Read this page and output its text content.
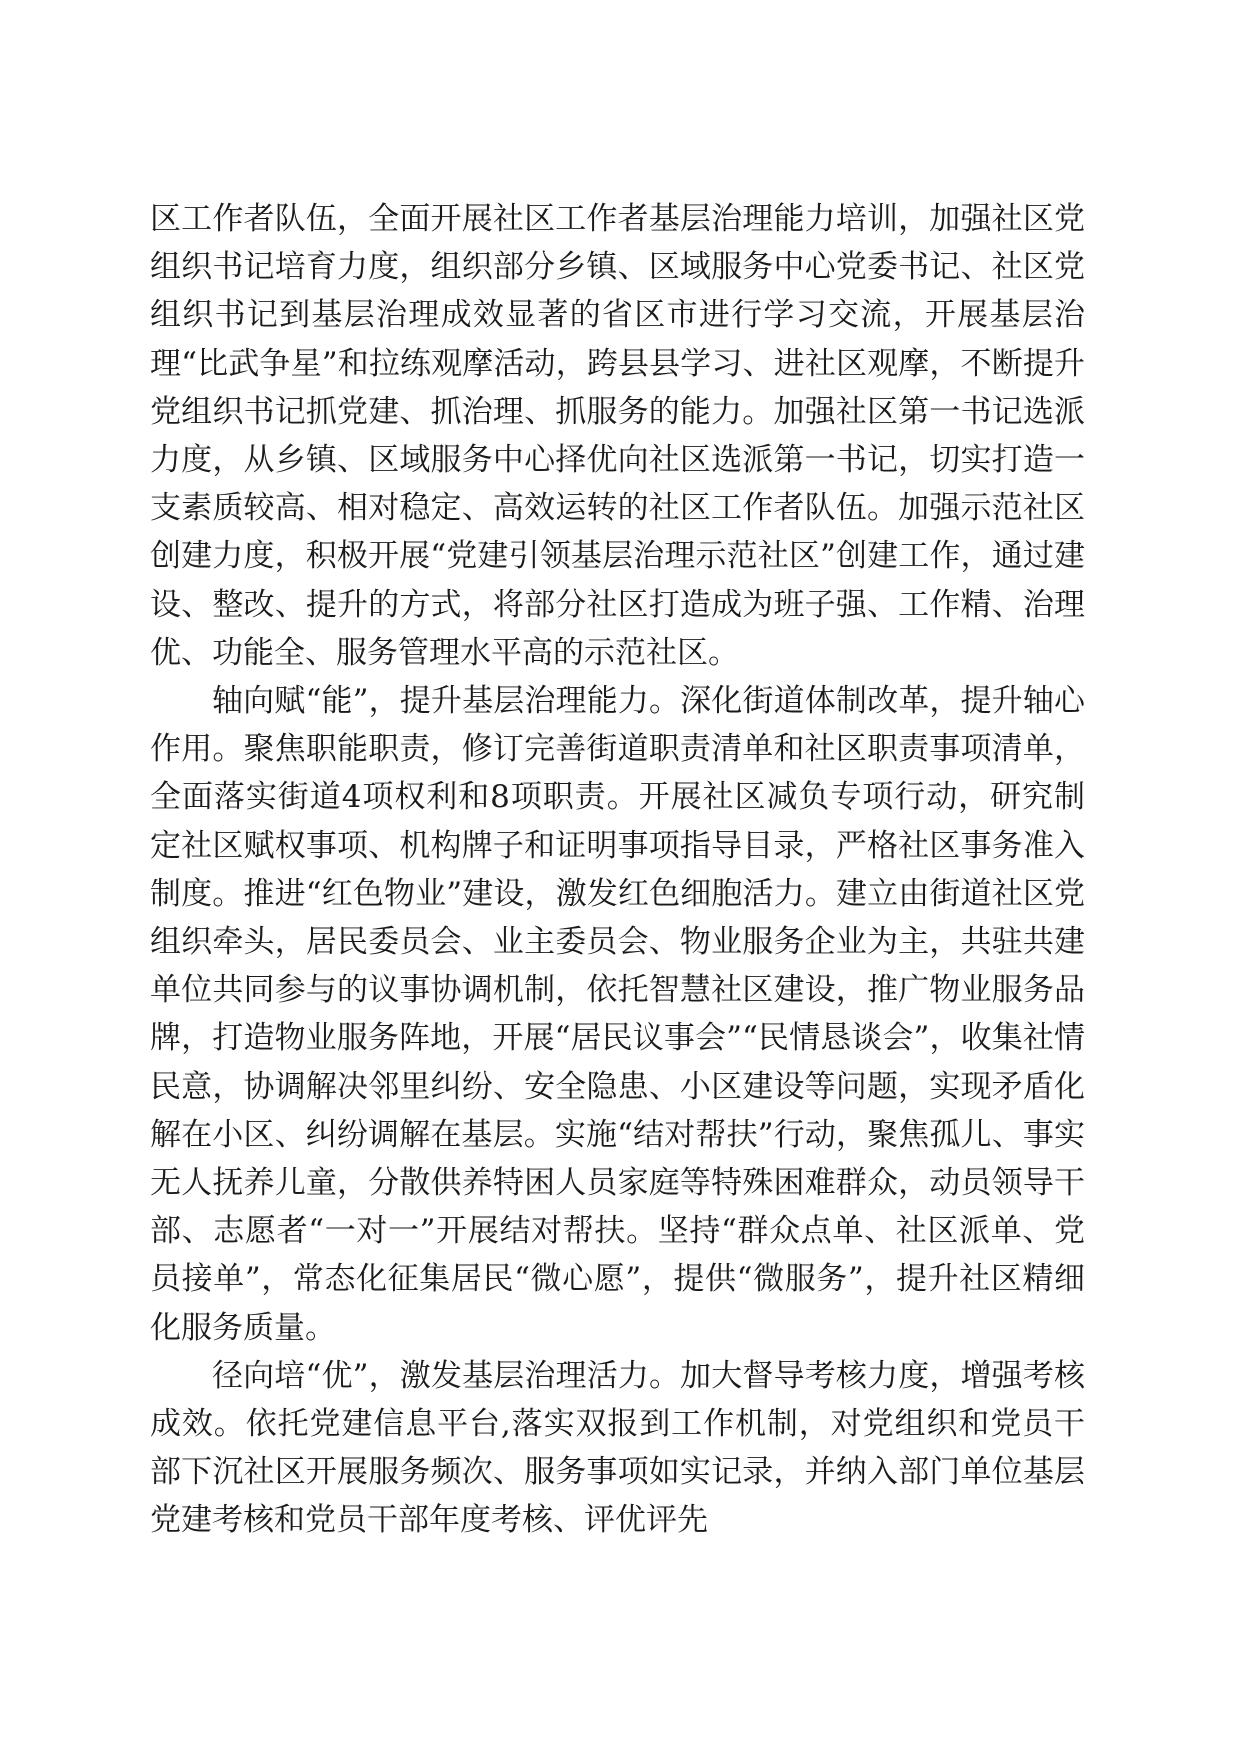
区工作者队伍，全面开展社区工作者基层治理能力培训，加强社区党组织书记培育力度，组织部分乡镇、区域服务中心党委书记、社区党组织书记到基层治理成效显著的省区市进行学习交流，开展基层治理“比武争星”和拉练观摩活动，跨县县学习、进社区观摩，不断提升党组织书记抓党建、抓治理、抓服务的能力。加强社区第一书记选派力度，从乡镇、区域服务中心择优向社区选派第一书记，切实打造一支素质较高、相对稳定、高效运转的社区工作者队伍。加强示范社区创建力度，积极开展“党建引领基层治理示范社区”创建工作，通过建设、整改、提升的方式，将部分社区打造成为班子强、工作精、治理优、功能全、服务管理水平高的示范社区。

轴向赋“能”，提升基层治理能力。深化街道体制改革，提升轴心作用。聚焦职能职责，修订完善街道职责清单和社区职责事项清单，全面落实街道4项权利和8项职责。开展社区减负专项行动，研究制定社区赋权事项、机构牌子和证明事项指导目录，严格社区事务准入制度。推进“红色物业”建设，激发红色细胞活力。建立由街道社区党组织牵头，居民委员会、业主委员会、物业服务企业为主，共驻共建单位共同参与的议事协调机制，依托智慧社区建设，推广物业服务品牌，打造物业服务阵地，开展“居民议事会”“民情恳谈会”，收集社情民意，协调解决邻里纠纷、安全隐患、小区建设等问题，实现矛盾化解在小区、纠纷调解在基层。实施“结对帮扶”行动，聚焦孤儿、事实无人抚养儿童，分散供养特困人员家庭等特殊困难群众，动员领导干部、志愿者“一对一”开展结对帮扶。坚持“群众点单、社区派单、党员接单”，常态化征集居民“微心愿”，提供“微服务”，提升社区精细化服务质量。

径向培“优”，激发基层治理活力。加大督导考核力度，增强考核成效。依托党建信息平台,落实双报到工作机制，对党组织和党员干部下沉社区开展服务频次、服务事项如实记录，并纳入部门单位基层党建考核和党员干部年度考核、评优评先
